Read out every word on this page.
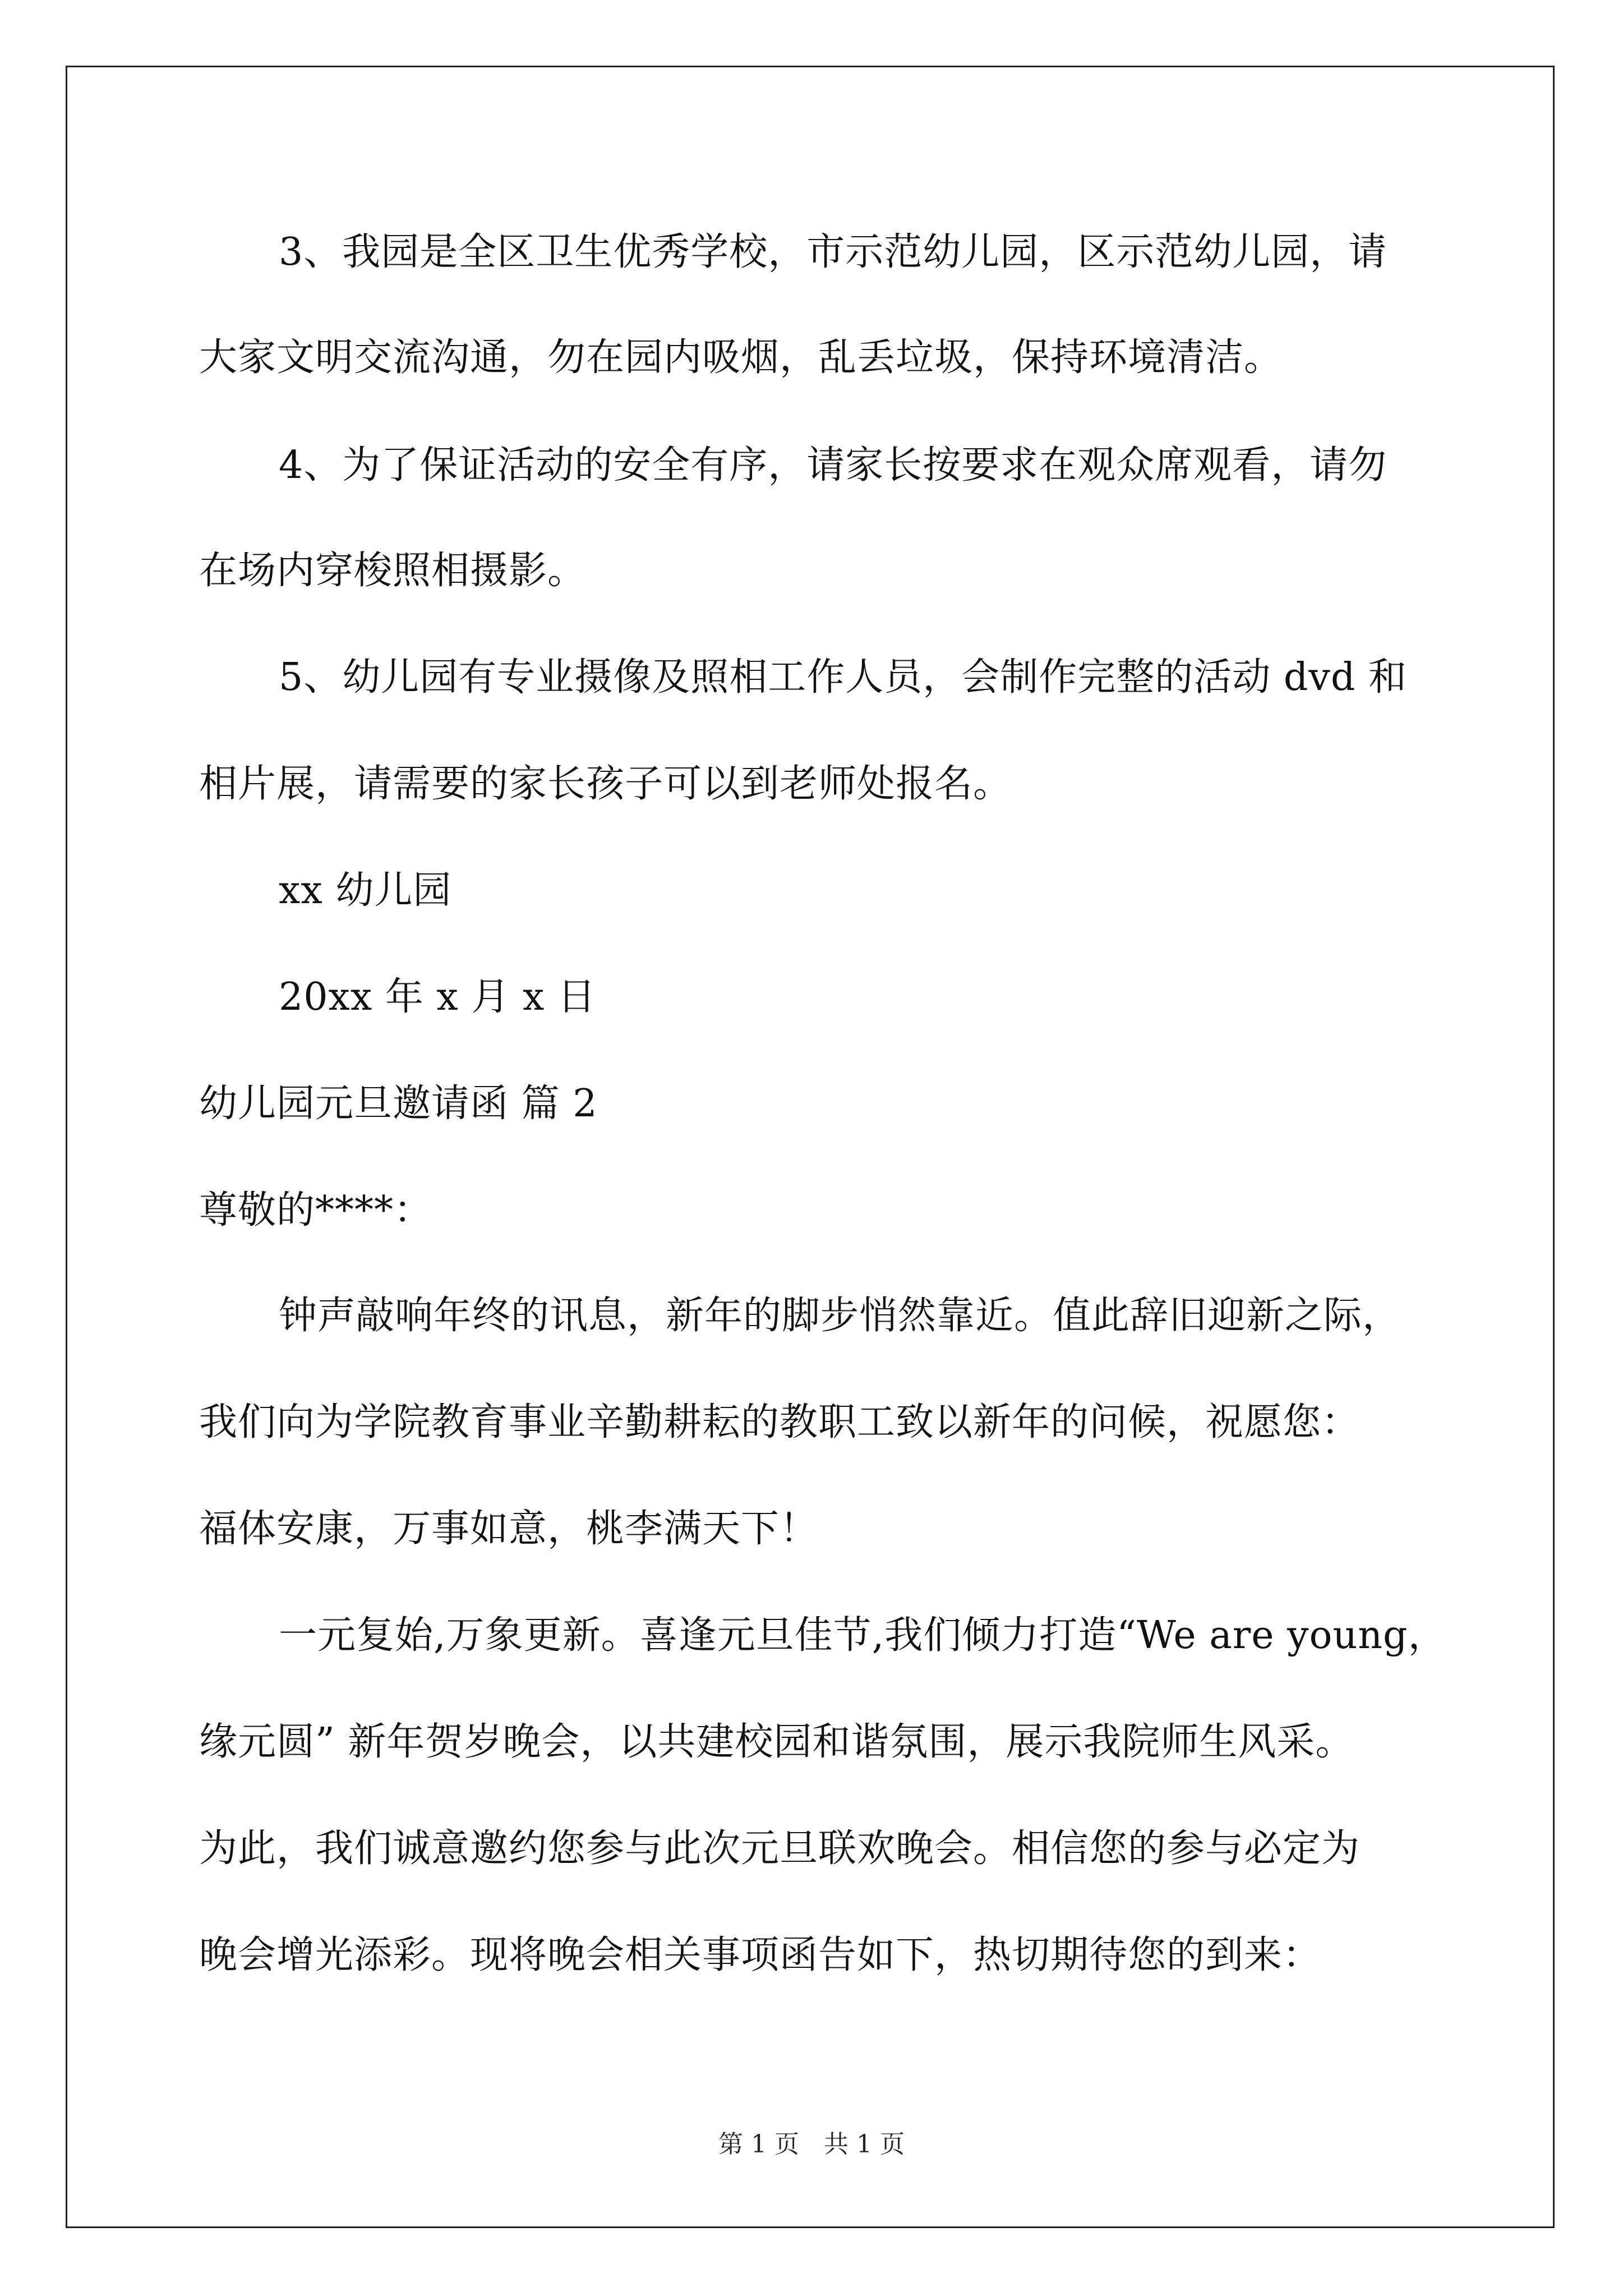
3、我园是全区卫生优秀学校，市示范幼儿园，区示范幼儿园，请
大家文明交流沟通，勿在园内吸烟，乱丢垃圾，保持环境清洁。
4、为了保证活动的安全有序，请家长按要求在观众席观看，请勿
在场内穿梭照相摄影。
5、幼儿园有专业摄像及照相工作人员，会制作完整的活动 dvd 和
相片展，请需要的家长孩子可以到老师处报名。
xx 幼儿园
20xx 年 x 月 x 日
幼儿园元旦邀请函 篇 2
尊敬的****：
钟声敲响年终的讯息，新年的脚步悄然靠近。值此辞旧迎新之际，
我们向为学院教育事业辛勤耕耘的教职工致以新年的问候，祝愿您：
福体安康，万事如意，桃李满天下！
一元复始,万象更新。喜逢元旦佳节,我们倾力打造“We are young，
缘元圆” 新年贺岁晚会，以共建校园和谐氛围，展示我院师生风采。
为此，我们诚意邀约您参与此次元旦联欢晚会。相信您的参与必定为
晚会增光添彩。现将晚会相关事项函告如下，热切期待您的到来：
第 1 页　共 1 页
